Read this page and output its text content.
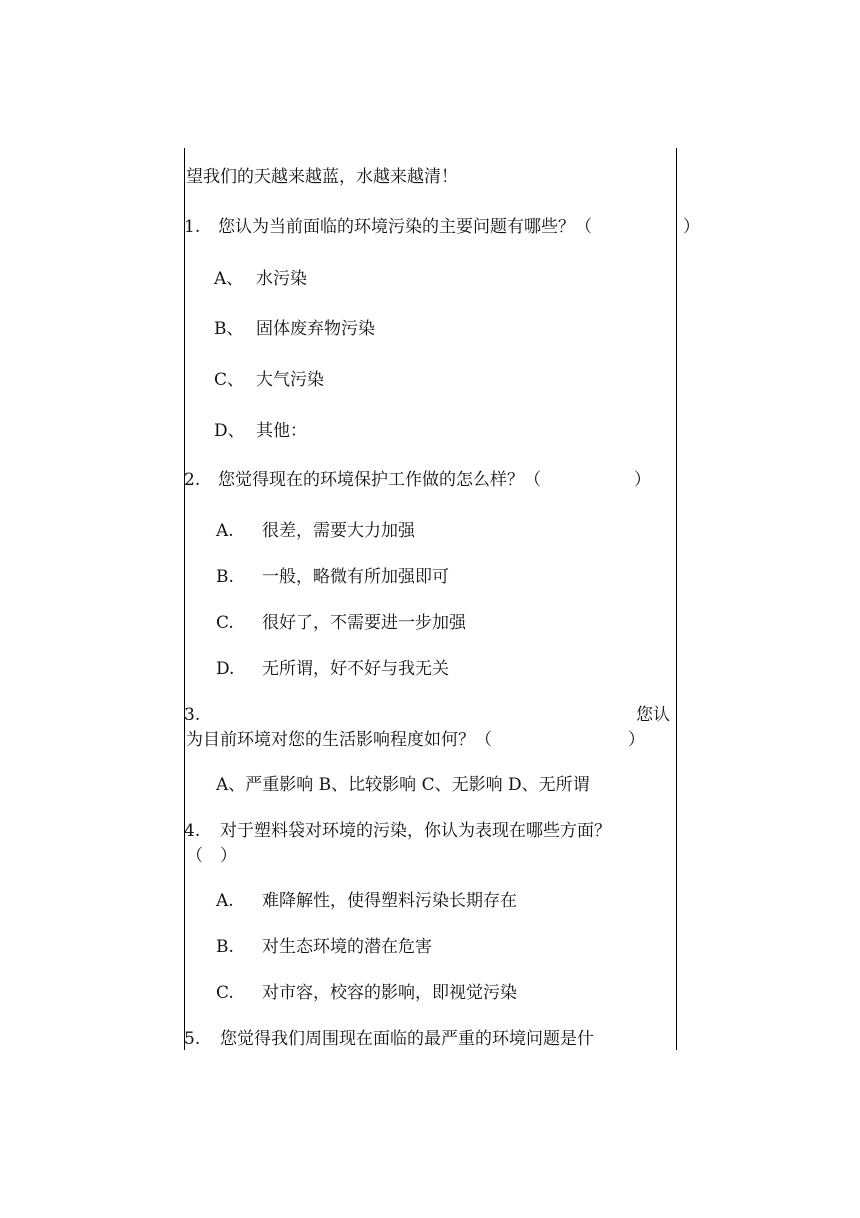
望我们的天越来越蓝，水越来越清！
1. 您认为当前面临的环境污染的主要问题有哪些？（	）
A、 水污染
B、 固体废弃物污染
C、 大气污染
D、 其他：
2. 您觉得现在的环境保护工作做的怎么样？（	）
A. 很差，需要大力加强
B. 一般，略微有所加强即可
C. 很好了，不需要进一步加强
D. 无所谓，好不好与我无关
3.	您认
为目前环境对您的生活影响程度如何？（	）
A、严重影响 B、比较影响 C、无影响 D、无所谓
4. 对于塑料袋对环境的污染，你认为表现在哪些方面？
（　）
A. 难降解性，使得塑料污染长期存在
B. 对生态环境的潜在危害
C. 对市容，校容的影响，即视觉污染
5. 您觉得我们周围现在面临的最严重的环境问题是什
